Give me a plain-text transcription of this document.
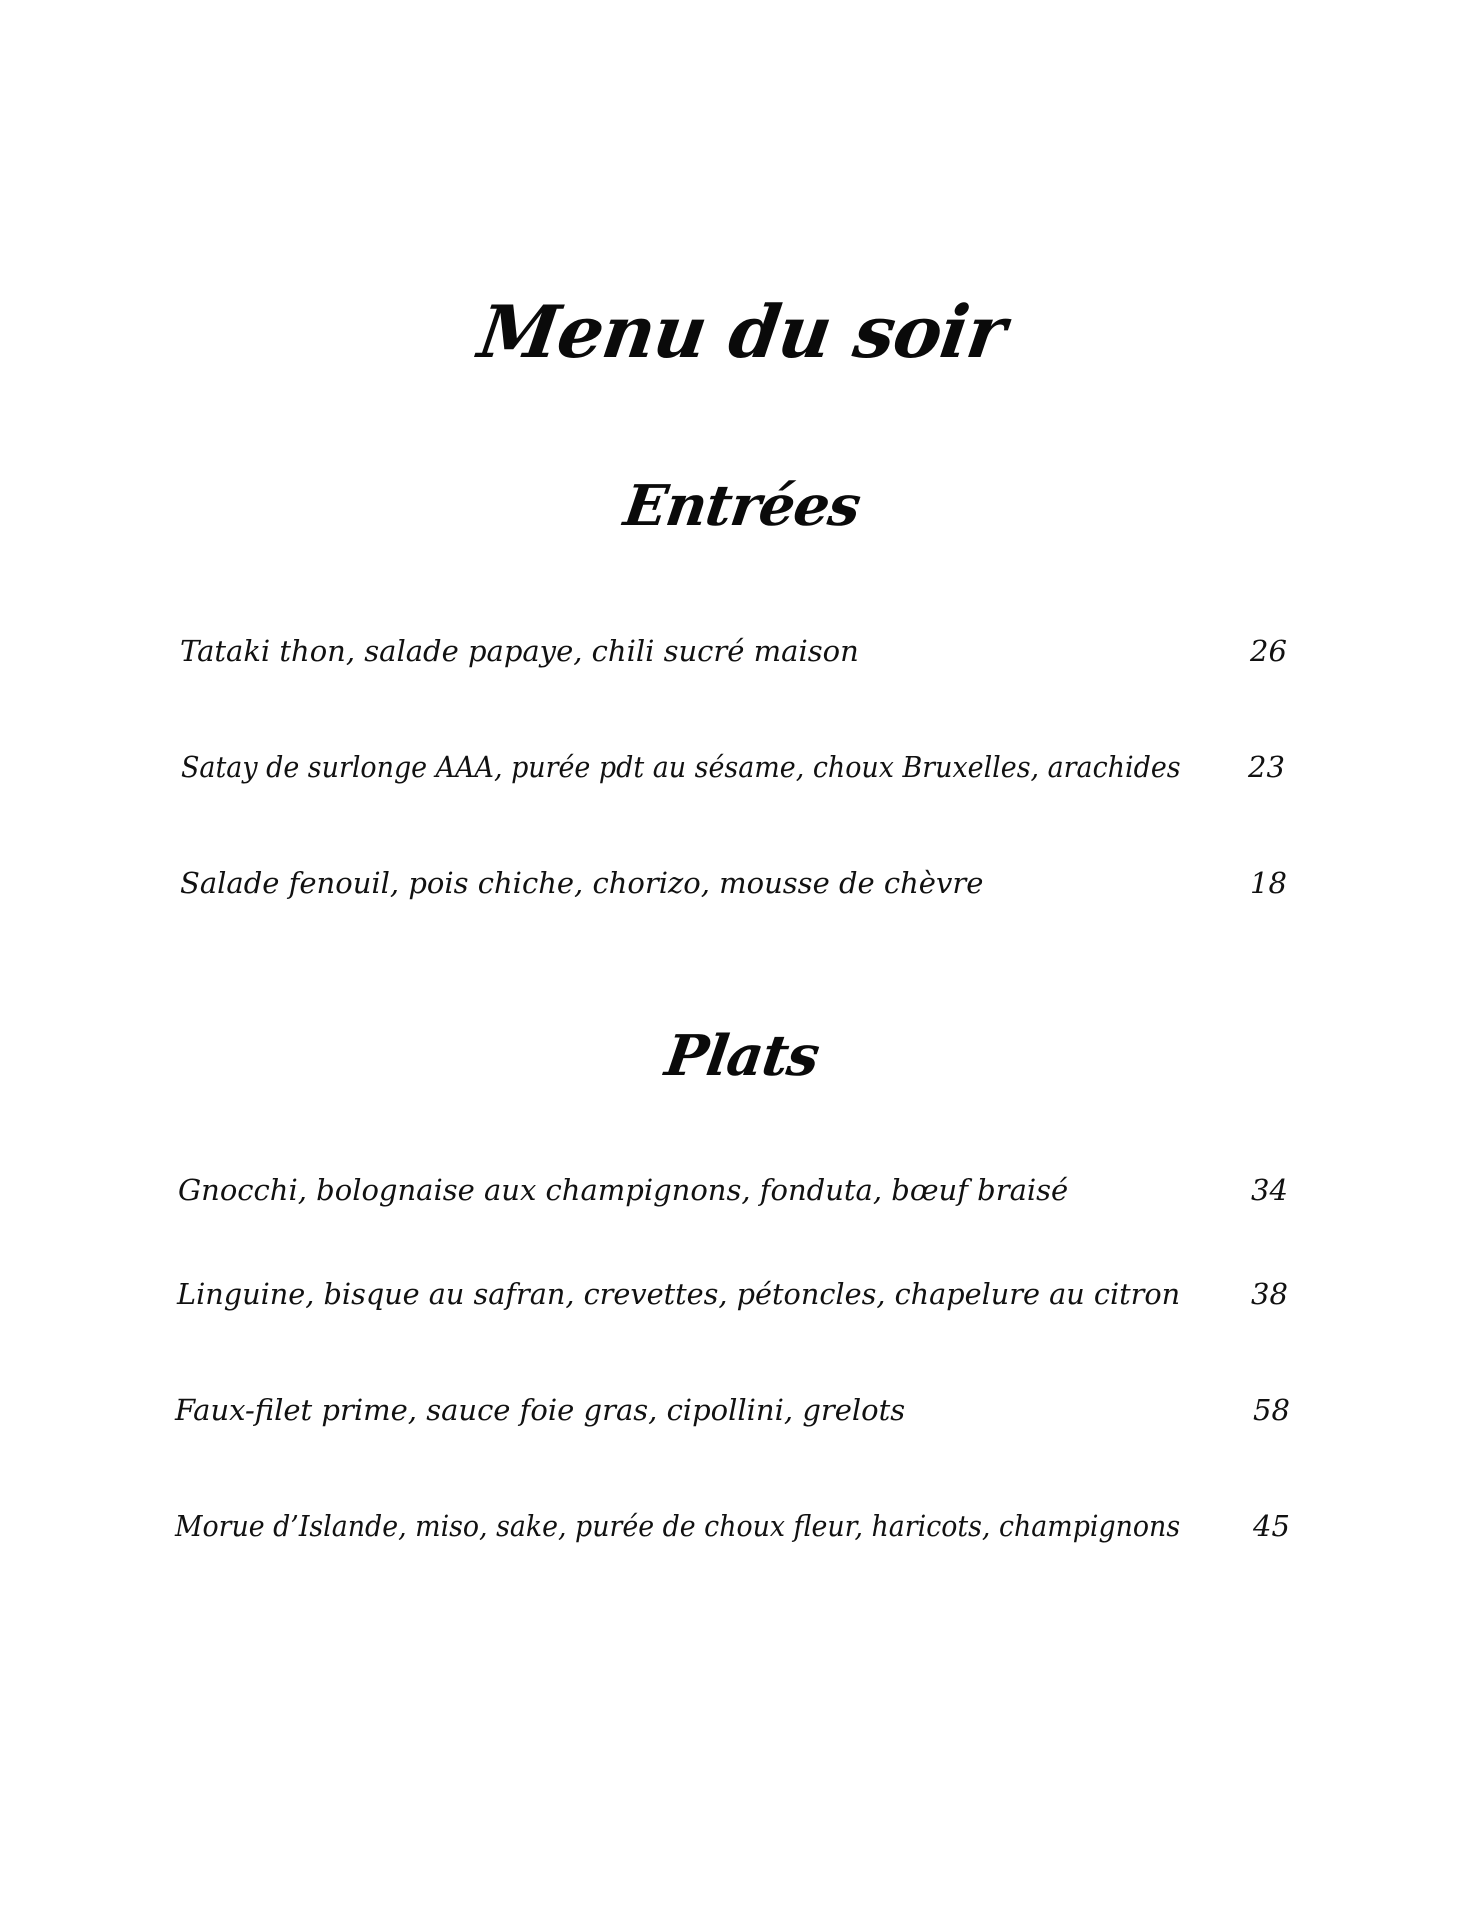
Menu du soir
Entrées
Tataki thon, salade papaye, chili sucré maison	26
Satay de surlonge AAA, purée pdt au sésame, choux Bruxelles, arachides 23
Salade fenouil, pois chiche, chorizo, mousse de chèvre	18
Plats
Gnocchi, bolognaise aux champignons, fonduta, bœuf braisé	34
Linguine, bisque au safran, crevettes, pétoncles, chapelure au citron 38
Faux-filet prime, sauce foie gras, cipollini, grelots	58
Morue d’Islande, miso, sake, purée de choux fleur, haricots, champignons	45
